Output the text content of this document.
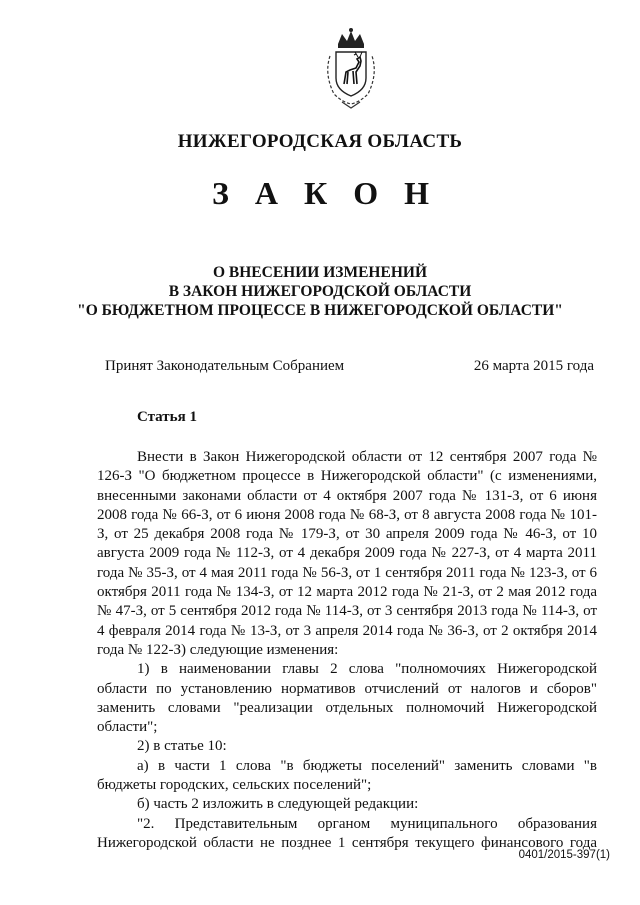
НИЖЕГОРОДСКАЯ ОБЛАСТЬ
З А К О Н
О ВНЕСЕНИИ ИЗМЕНЕНИЙ
В ЗАКОН НИЖЕГОРОДСКОЙ ОБЛАСТИ
"О БЮДЖЕТНОМ ПРОЦЕССЕ В НИЖЕГОРОДСКОЙ ОБЛАСТИ"
Принят Законодательным Собранием	26 марта 2015 года
Статья 1
Внести в Закон Нижегородской области от 12 сентября 2007 года № 126-З "О бюджетном процессе в Нижегородской области" (с изменениями, внесенными законами области от 4 октября 2007 года № 131-З, от 6 июня 2008 года № 66-З, от 6 июня 2008 года № 68-З, от 8 августа 2008 года № 101-З, от 25 декабря 2008 года № 179-З, от 30 апреля 2009 года № 46-З, от 10 августа 2009 года № 112-З, от 4 декабря 2009 года № 227-З, от 4 марта 2011 года № 35-З, от 4 мая 2011 года № 56-З, от 1 сентября 2011 года № 123-З, от 6 октября 2011 года № 134-З, от 12 марта 2012 года № 21-З, от 2 мая 2012 года № 47-З, от 5 сентября 2012 года № 114-З, от 3 сентября 2013 года № 114-З, от 4 февраля 2014 года № 13-З, от 3 апреля 2014 года № 36-З, от 2 октября 2014 года № 122-З) следующие изменения:
1) в наименовании главы 2 слова "полномочиях Нижегородской области по установлению нормативов отчислений от налогов и сборов" заменить словами "реализации отдельных полномочий Нижегородской области";
2) в статье 10:
а) в части 1 слова "в бюджеты поселений" заменить словами "в бюджеты городских, сельских поселений";
б) часть 2 изложить в следующей редакции:
"2. Представительным органом муниципального образования Нижегородской области не позднее 1 сентября текущего финансового года
0401/2015-397(1)
